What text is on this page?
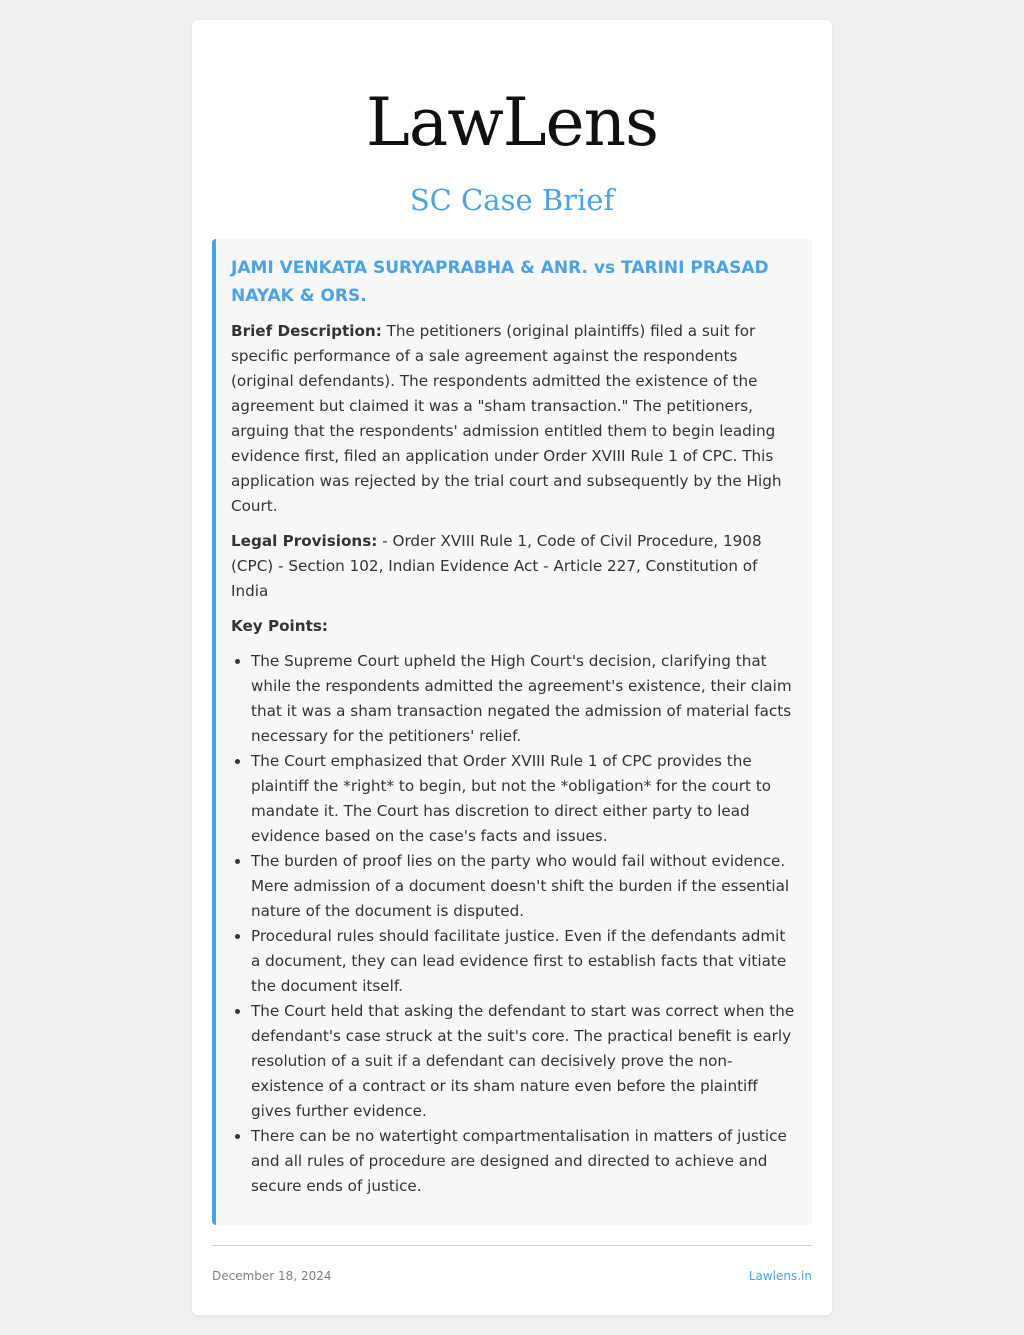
LawLens
SC Case Brief
JAMI VENKATA SURYAPRABHA & ANR. vs TARINI PRASAD NAYAK & ORS.

Brief Description: The petitioners (original plaintiffs) filed a suit for specific performance of a sale agreement against the respondents (original defendants). The respondents admitted the existence of the agreement but claimed it was a "sham transaction." The petitioners, arguing that the respondents' admission entitled them to begin leading evidence first, filed an application under Order XVIII Rule 1 of CPC. This application was rejected by the trial court and subsequently by the High Court.

Legal Provisions: - Order XVIII Rule 1, Code of Civil Procedure, 1908 (CPC) - Section 102, Indian Evidence Act - Article 227, Constitution of India

Key Points:

• The Supreme Court upheld the High Court's decision, clarifying that while the respondents admitted the agreement's existence, their claim that it was a sham transaction negated the admission of material facts necessary for the petitioners' relief.
• The Court emphasized that Order XVIII Rule 1 of CPC provides the plaintiff the *right* to begin, but not the *obligation* for the court to mandate it. The Court has discretion to direct either party to lead evidence based on the case's facts and issues.
• The burden of proof lies on the party who would fail without evidence. Mere admission of a document doesn't shift the burden if the essential nature of the document is disputed.
• Procedural rules should facilitate justice. Even if the defendants admit a document, they can lead evidence first to establish facts that vitiate the document itself.
• The Court held that asking the defendant to start was correct when the defendant's case struck at the suit's core. The practical benefit is early resolution of a suit if a defendant can decisively prove the non-existence of a contract or its sham nature even before the plaintiff gives further evidence.
• There can be no watertight compartmentalisation in matters of justice and all rules of procedure are designed and directed to achieve and secure ends of justice.
December 18, 2024	Lawlens.in
